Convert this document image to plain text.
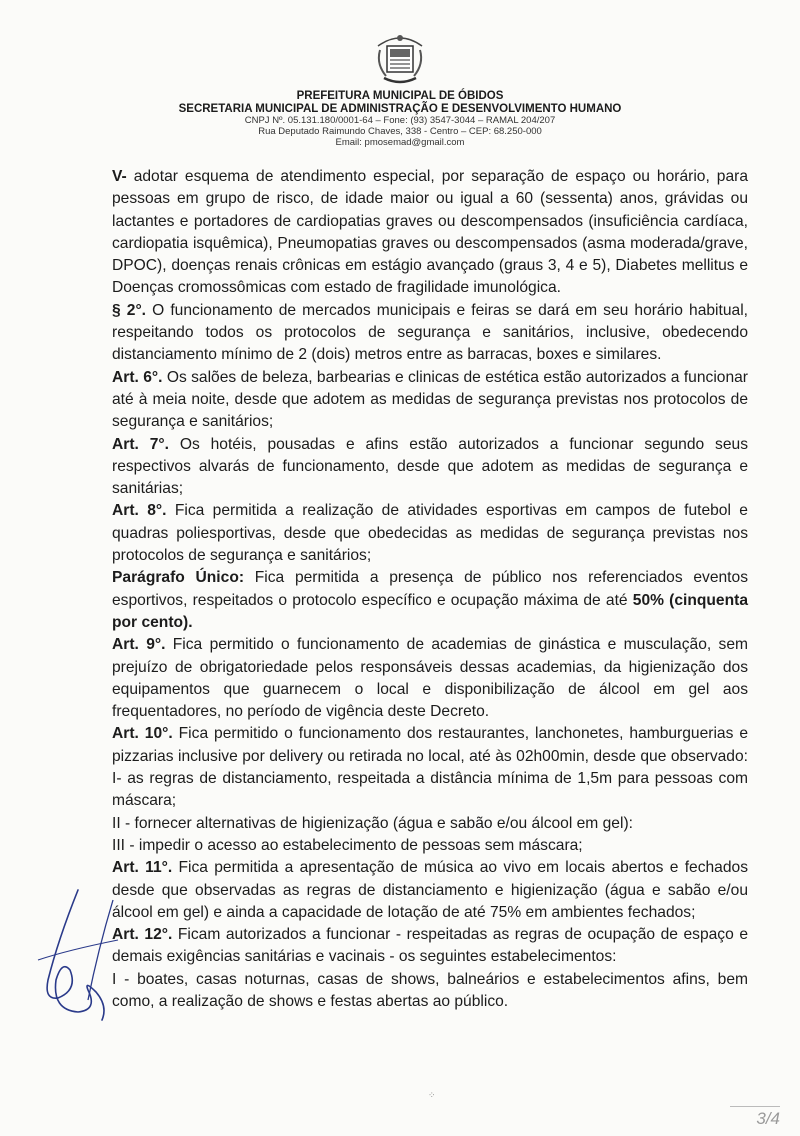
PREFEITURA MUNICIPAL DE ÓBIDOS

SECRETARIA MUNICIPAL DE ADMINISTRAÇÃO E DESENVOLVIMENTO HUMANO

CNPJ Nº. 05.131.180/0001-64 – Fone: (93) 3547-3044 – RAMAL 204/207

Rua Deputado Raimundo Chaves, 338 - Centro – CEP: 68.250-000

Email: pmosemad@gmail.com

V- adotar esquema de atendimento especial, por separação de espaço ou horário, para pessoas em grupo de risco, de idade maior ou igual a 60 (sessenta) anos, grávidas ou lactantes e portadores de cardiopatias graves ou descompensados (insuficiência cardíaca, cardiopatia isquêmica), Pneumopatias graves ou descompensados (asma moderada/grave, DPOC), doenças renais crônicas em estágio avançado (graus 3, 4 e 5), Diabetes mellitus e Doenças cromossômicas com estado de fragilidade imunológica.

§ 2°. O funcionamento de mercados municipais e feiras se dará em seu horário habitual, respeitando todos os protocolos de segurança e sanitários, inclusive, obedecendo distanciamento mínimo de 2 (dois) metros entre as barracas, boxes e similares.

Art. 6°. Os salões de beleza, barbearias e clinicas de estética estão autorizados a funcionar até à meia noite, desde que adotem as medidas de segurança previstas nos protocolos de segurança e sanitários;

Art. 7°. Os hotéis, pousadas e afins estão autorizados a funcionar segundo seus respectivos alvarás de funcionamento, desde que adotem as medidas de segurança e sanitárias;

Art. 8°. Fica permitida a realização de atividades esportivas em campos de futebol e quadras poliesportivas, desde que obedecidas as medidas de segurança previstas nos protocolos de segurança e sanitários;

Parágrafo Único: Fica permitida a presença de público nos referenciados eventos esportivos, respeitados o protocolo específico e ocupação máxima de até 50% (cinquenta por cento).

Art. 9°. Fica permitido o funcionamento de academias de ginástica e musculação, sem prejuízo de obrigatoriedade pelos responsáveis dessas academias, da higienização dos equipamentos que guarnecem o local e disponibilização de álcool em gel aos frequentadores, no período de vigência deste Decreto.

Art. 10°. Fica permitido o funcionamento dos restaurantes, lanchonetes, hamburguerias e pizzarias inclusive por delivery ou retirada no local, até às 02h00min, desde que observado: I- as regras de distanciamento, respeitada a distância mínima de 1,5m para pessoas com máscara;

II - fornecer alternativas de higienização (água e sabão e/ou álcool em gel):

III - impedir o acesso ao estabelecimento de pessoas sem máscara;

Art. 11°. Fica permitida a apresentação de música ao vivo em locais abertos e fechados desde que observadas as regras de distanciamento e higienização (água e sabão e/ou álcool em gel) e ainda a capacidade de lotação de até 75% em ambientes fechados;

Art. 12°. Ficam autorizados a funcionar - respeitadas as regras de ocupação de espaço e demais exigências sanitárias e vacinais - os seguintes estabelecimentos:

I - boates, casas noturnas, casas de shows, balneários e estabelecimentos afins, bem como, a realização de shows e festas abertas ao público.

⁘
3/4
